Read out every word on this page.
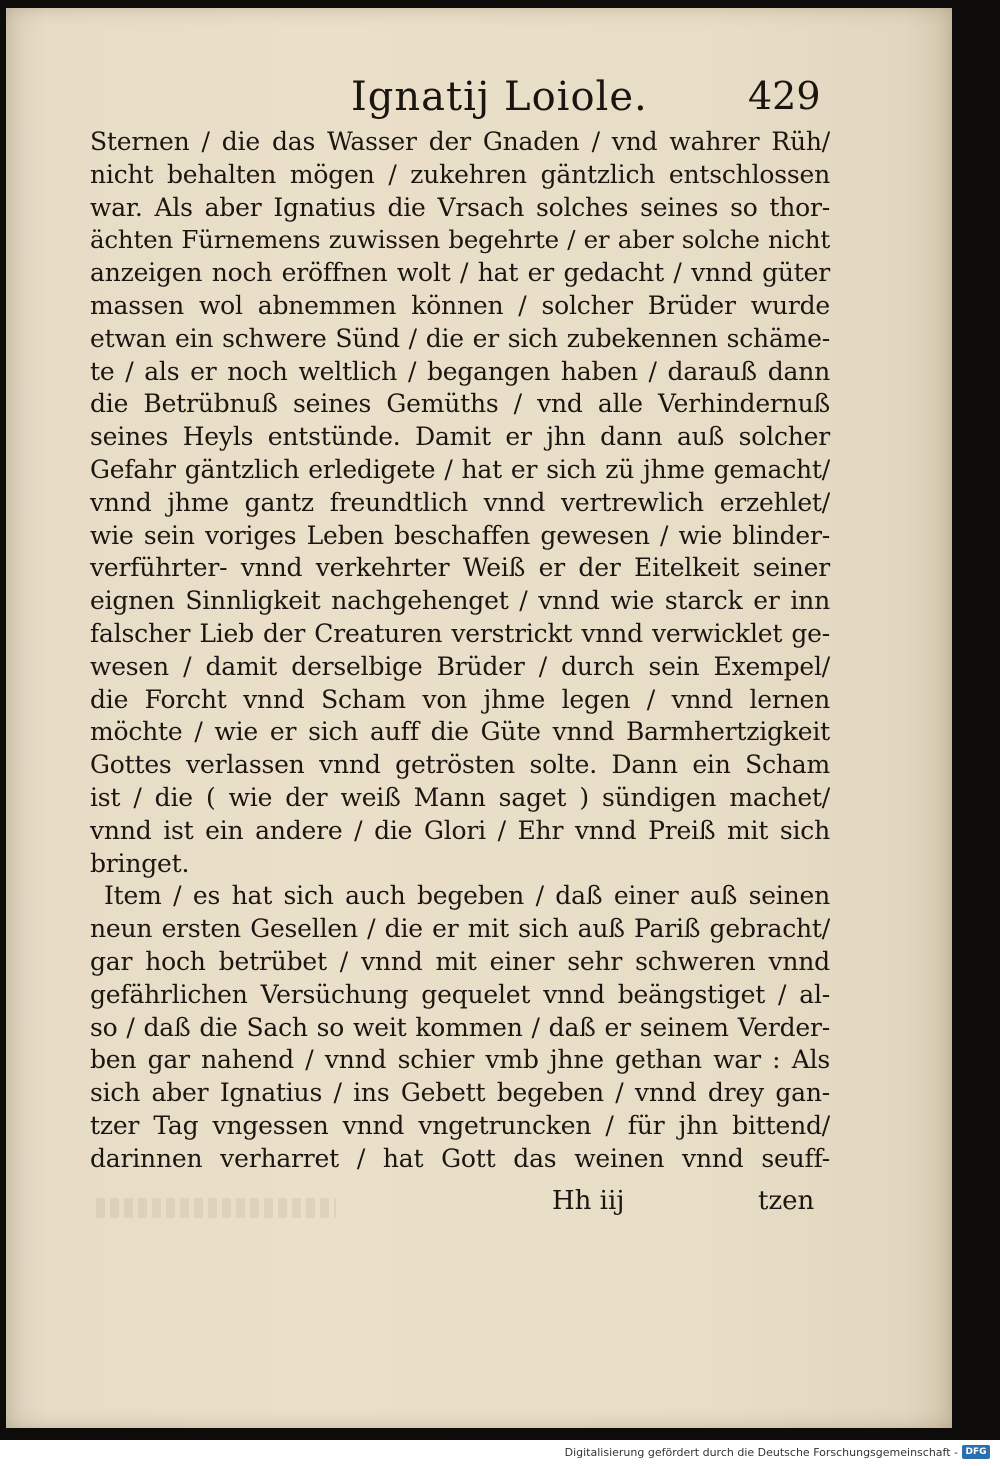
Ignatij Loiole.	429
Sternen / die das Wasser der Gnaden / vnd wahrer Rüh/
nicht behalten mögen / zukehren gäntzlich entschlossen
war. Als aber Ignatius die Vrsach solches seines so thor-
ächten Fürnemens zuwissen begehrte / er aber solche nicht
anzeigen noch eröffnen wolt / hat er gedacht / vnnd güter
massen wol abnemmen können / solcher Brüder wurde
etwan ein schwere Sünd / die er sich zubekennen schäme-
te / als er noch weltlich / begangen haben / darauß dann
die Betrübnuß seines Gemüths / vnd alle Verhindernuß
seines Heyls entstünde. Damit er jhn dann auß solcher
Gefahr gäntzlich erledigete / hat er sich zü jhme gemacht/
vnnd jhme gantz freundtlich vnnd vertrewlich erzehlet/
wie sein voriges Leben beschaffen gewesen / wie blinder-
verführter- vnnd verkehrter Weiß er der Eitelkeit seiner
eignen Sinnligkeit nachgehenget / vnnd wie starck er inn
falscher Lieb der Creaturen verstrickt vnnd verwicklet ge-
wesen / damit derselbige Brüder / durch sein Exempel/
die Forcht vnnd Scham von jhme legen / vnnd lernen
möchte / wie er sich auff die Güte vnnd Barmhertzigkeit
Gottes verlassen vnnd getrösten solte. Dann ein Scham
ist / die ( wie der weiß Mann saget ) sündigen machet/
vnnd ist ein andere / die Glori / Ehr vnnd Preiß mit sich
bringet.
Item / es hat sich auch begeben / daß einer auß seinen
neun ersten Gesellen / die er mit sich auß Pariß gebracht/
gar hoch betrübet / vnnd mit einer sehr schweren vnnd
gefährlichen Versüchung gequelet vnnd beängstiget / al-
so / daß die Sach so weit kommen / daß er seinem Verder-
ben gar nahend / vnnd schier vmb jhne gethan war : Als
sich aber Ignatius / ins Gebett begeben / vnnd drey gan-
tzer Tag vngessen vnnd vngetruncken / für jhn bittend/
darinnen verharret / hat Gott das weinen vnnd seuff-
Hh iij	tzen
Digitalisierung gefördert durch die Deutsche Forschungsgemeinschaft - DFG
